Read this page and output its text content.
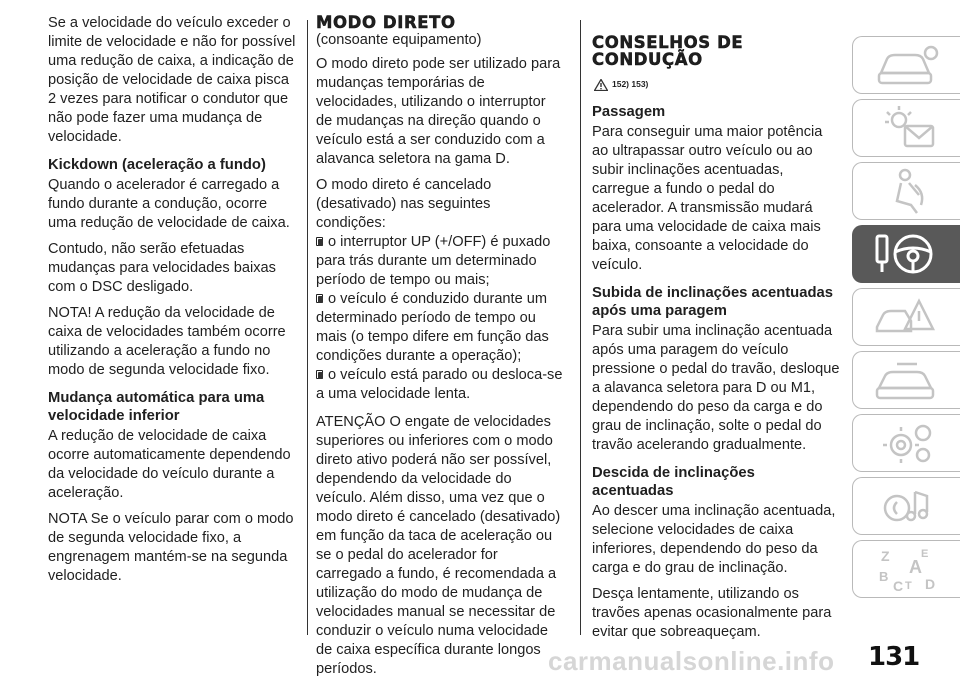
Se a velocidade do veículo exceder o limite de velocidade e não for possível uma redução de caixa, a indicação de posição de velocidade de caixa pisca 2 vezes para notificar o condutor que não pode fazer uma mudança de velocidade.

Kickdown (aceleração a fundo)

Quando o acelerador é carregado a fundo durante a condução, ocorre uma redução de velocidade de caixa.

Contudo, não serão efetuadas mudanças para velocidades baixas com o DSC desligado.

NOTA! A redução da velocidade de caixa de velocidades também ocorre utilizando a aceleração a fundo no modo de segunda velocidade fixo.

Mudança automática para uma velocidade inferior

A redução de velocidade de caixa ocorre automaticamente dependendo da velocidade do veículo durante a aceleração.

NOTA Se o veículo parar com o modo de segunda velocidade fixo, a engrenagem mantém-se na segunda velocidade.

MODO DIRETO
(consoante equipamento)

O modo direto pode ser utilizado para mudanças temporárias de velocidades, utilizando o interruptor de mudanças na direção quando o veículo está a ser conduzido com a alavanca seletora na gama D.

O modo direto é cancelado (desativado) nas seguintes condições:

o interruptor UP (+/OFF) é puxado para trás durante um determinado período de tempo ou mais;
o veículo é conduzido durante um determinado período de tempo ou mais (o tempo difere em função das condições durante a operação);
o veículo está parado ou desloca-se a uma velocidade lenta.

ATENÇÃO O engate de velocidades superiores ou inferiores com o modo direto ativo poderá não ser possível, dependendo da velocidade do veículo. Além disso, uma vez que o modo direto é cancelado (desativado) em função da taca de aceleração ou se o pedal do acelerador for carregado a fundo, é recomendada a utilização do modo de mudança de velocidades manual se necessitar de conduzir o veículo numa velocidade de caixa específica durante longos períodos.

CONSELHOS DE
CONDUÇÃO
152) 153)
Passagem

Para conseguir uma maior potência ao ultrapassar outro veículo ou ao subir inclinações acentuadas, carregue a fundo o pedal do acelerador. A transmissão mudará para uma velocidade de caixa mais baixa, consoante a velocidade do veículo.

Subida de inclinações acentuadas após uma paragem

Para subir uma inclinação acentuada após uma paragem do veículo pressione o pedal do travão, desloque a alavanca seletora para D ou M1, dependendo do peso da carga e do grau de inclinação, solte o pedal do travão acelerando gradualmente.

Descida de inclinações acentuadas

Ao descer uma inclinação acentuada, selecione velocidades de caixa inferiores, dependendo do peso da carga e do grau de inclinação.

Desça lentamente, utilizando os travões apenas ocasionalmente para evitar que sobreaqueçam.

Z	E
A
B
C T D
carmanualsonline.info 131
